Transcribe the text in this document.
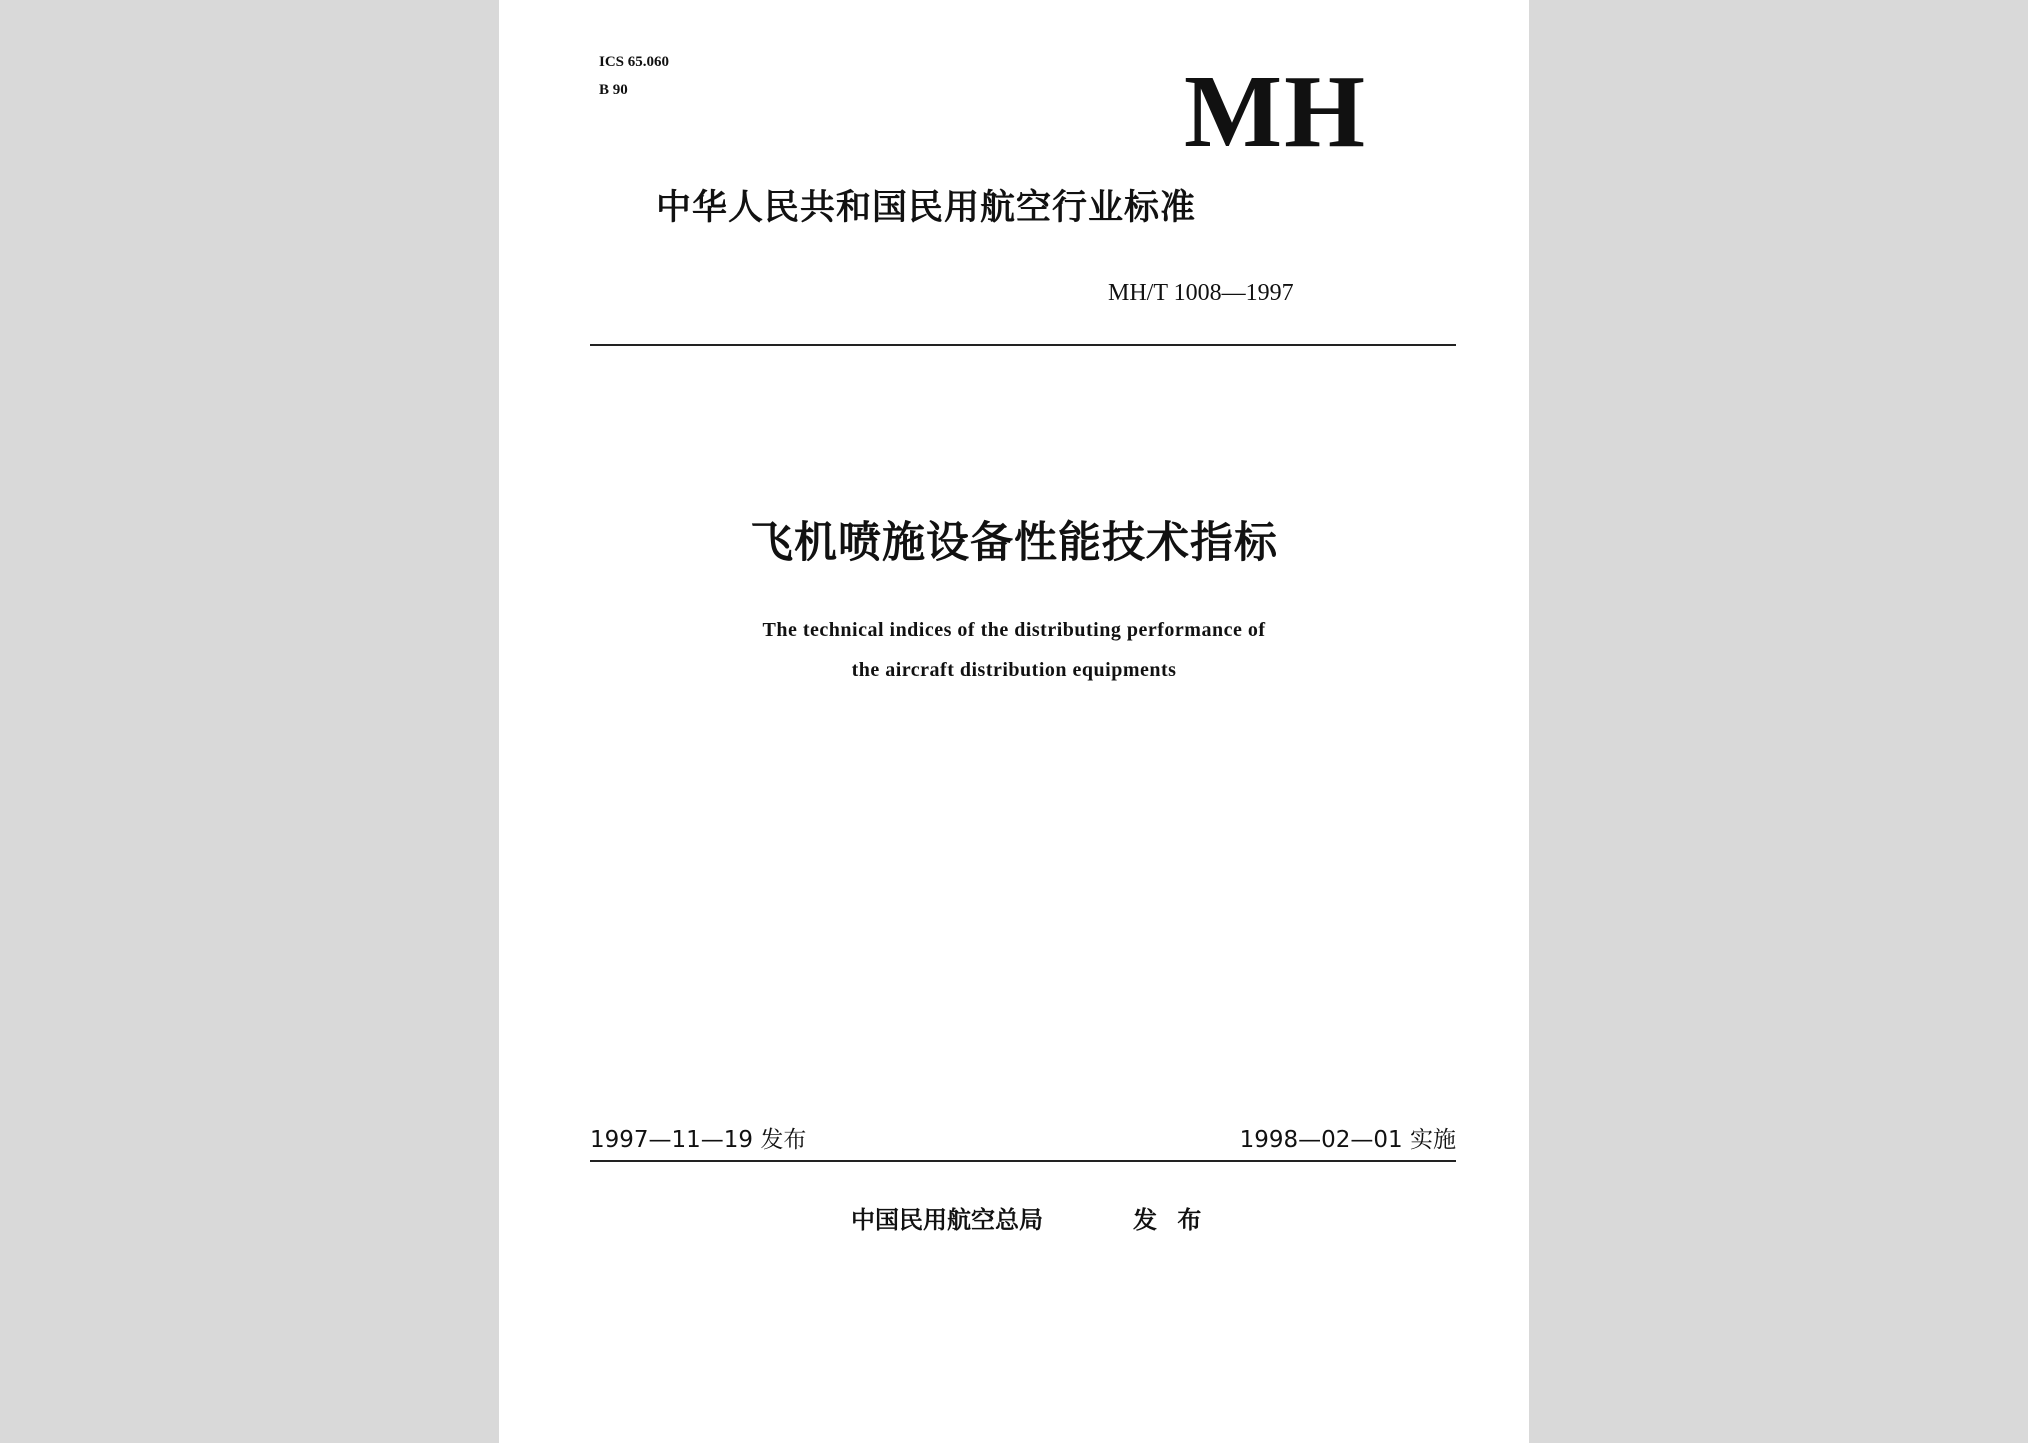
ICS 65.060
B 90	MH
中华人民共和国民用航空行业标准
MH/T 1008—1997
飞机喷施设备性能技术指标
The technical indices of the distributing performance of
the aircraft distribution equipments
1997—11—19 发布	1998—02—01 实施
中国民用航空总局	发 布
